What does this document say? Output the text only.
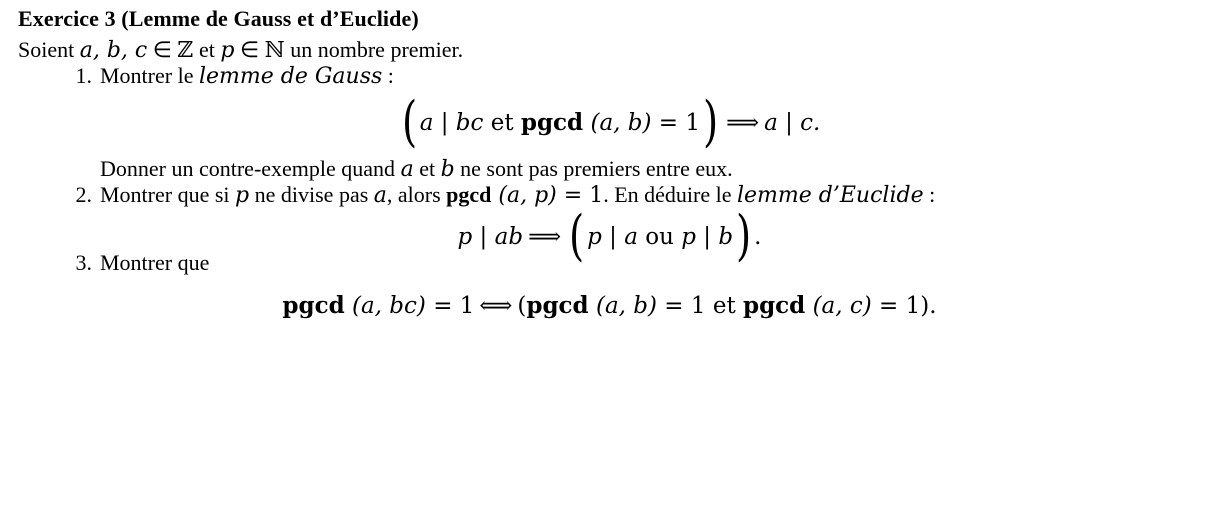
Exercice 3 (Lemme de Gauss et d’Euclide)
Soient a, b, c ∈ ℤ et p ∈ ℕ un nombre premier.
1. Montrer le lemme de Gauss :
( a | bc et pgcd (a, b) = 1) ⟹ a | c.
Donner un contre-exemple quand a et b ne sont pas premiers entre eux.
2. Montrer que si p ne divise pas a, alors pgcd (a, p) = 1. En déduire le lemme d’Euclide :
p | ab ⟹ ( p | a ou p | b) .
3. Montrer que
pgcd (a, bc) = 1 ⟺ (pgcd (a, b) = 1 et pgcd (a, c) = 1).
